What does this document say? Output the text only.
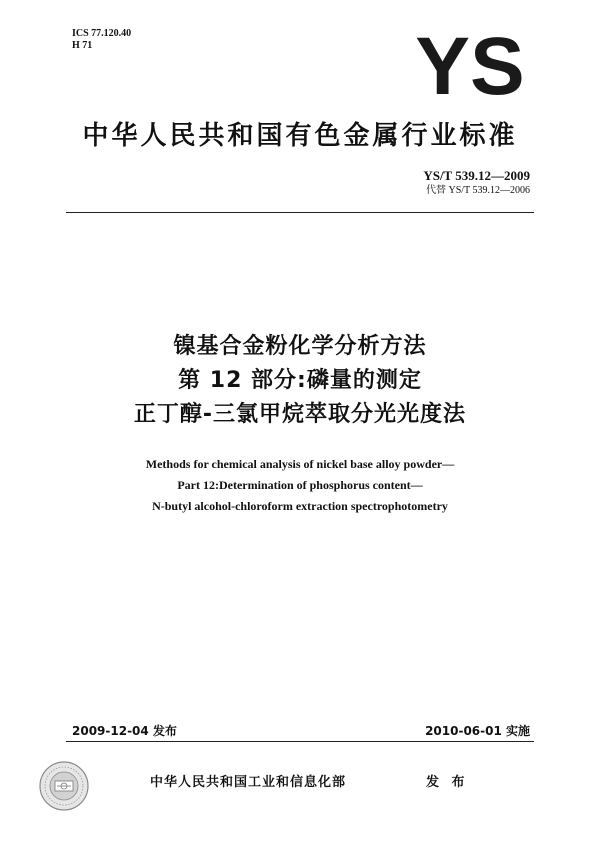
ICS 77.120.40
H 71	YS
中华人民共和国有色金属行业标准
YS/T 539.12—2009
代替 YS/T 539.12—2006
镍基合金粉化学分析方法
第 12 部分:磷量的测定
正丁醇-三氯甲烷萃取分光光度法
Methods for chemical analysis of nickel base alloy powder—
Part 12:Determination of phosphorus content—
N-butyl alcohol-chloroform extraction spectrophotometry
2009-12-04 发布	2010-06-01 实施
中华人民共和国工业和信息化部	发 布
